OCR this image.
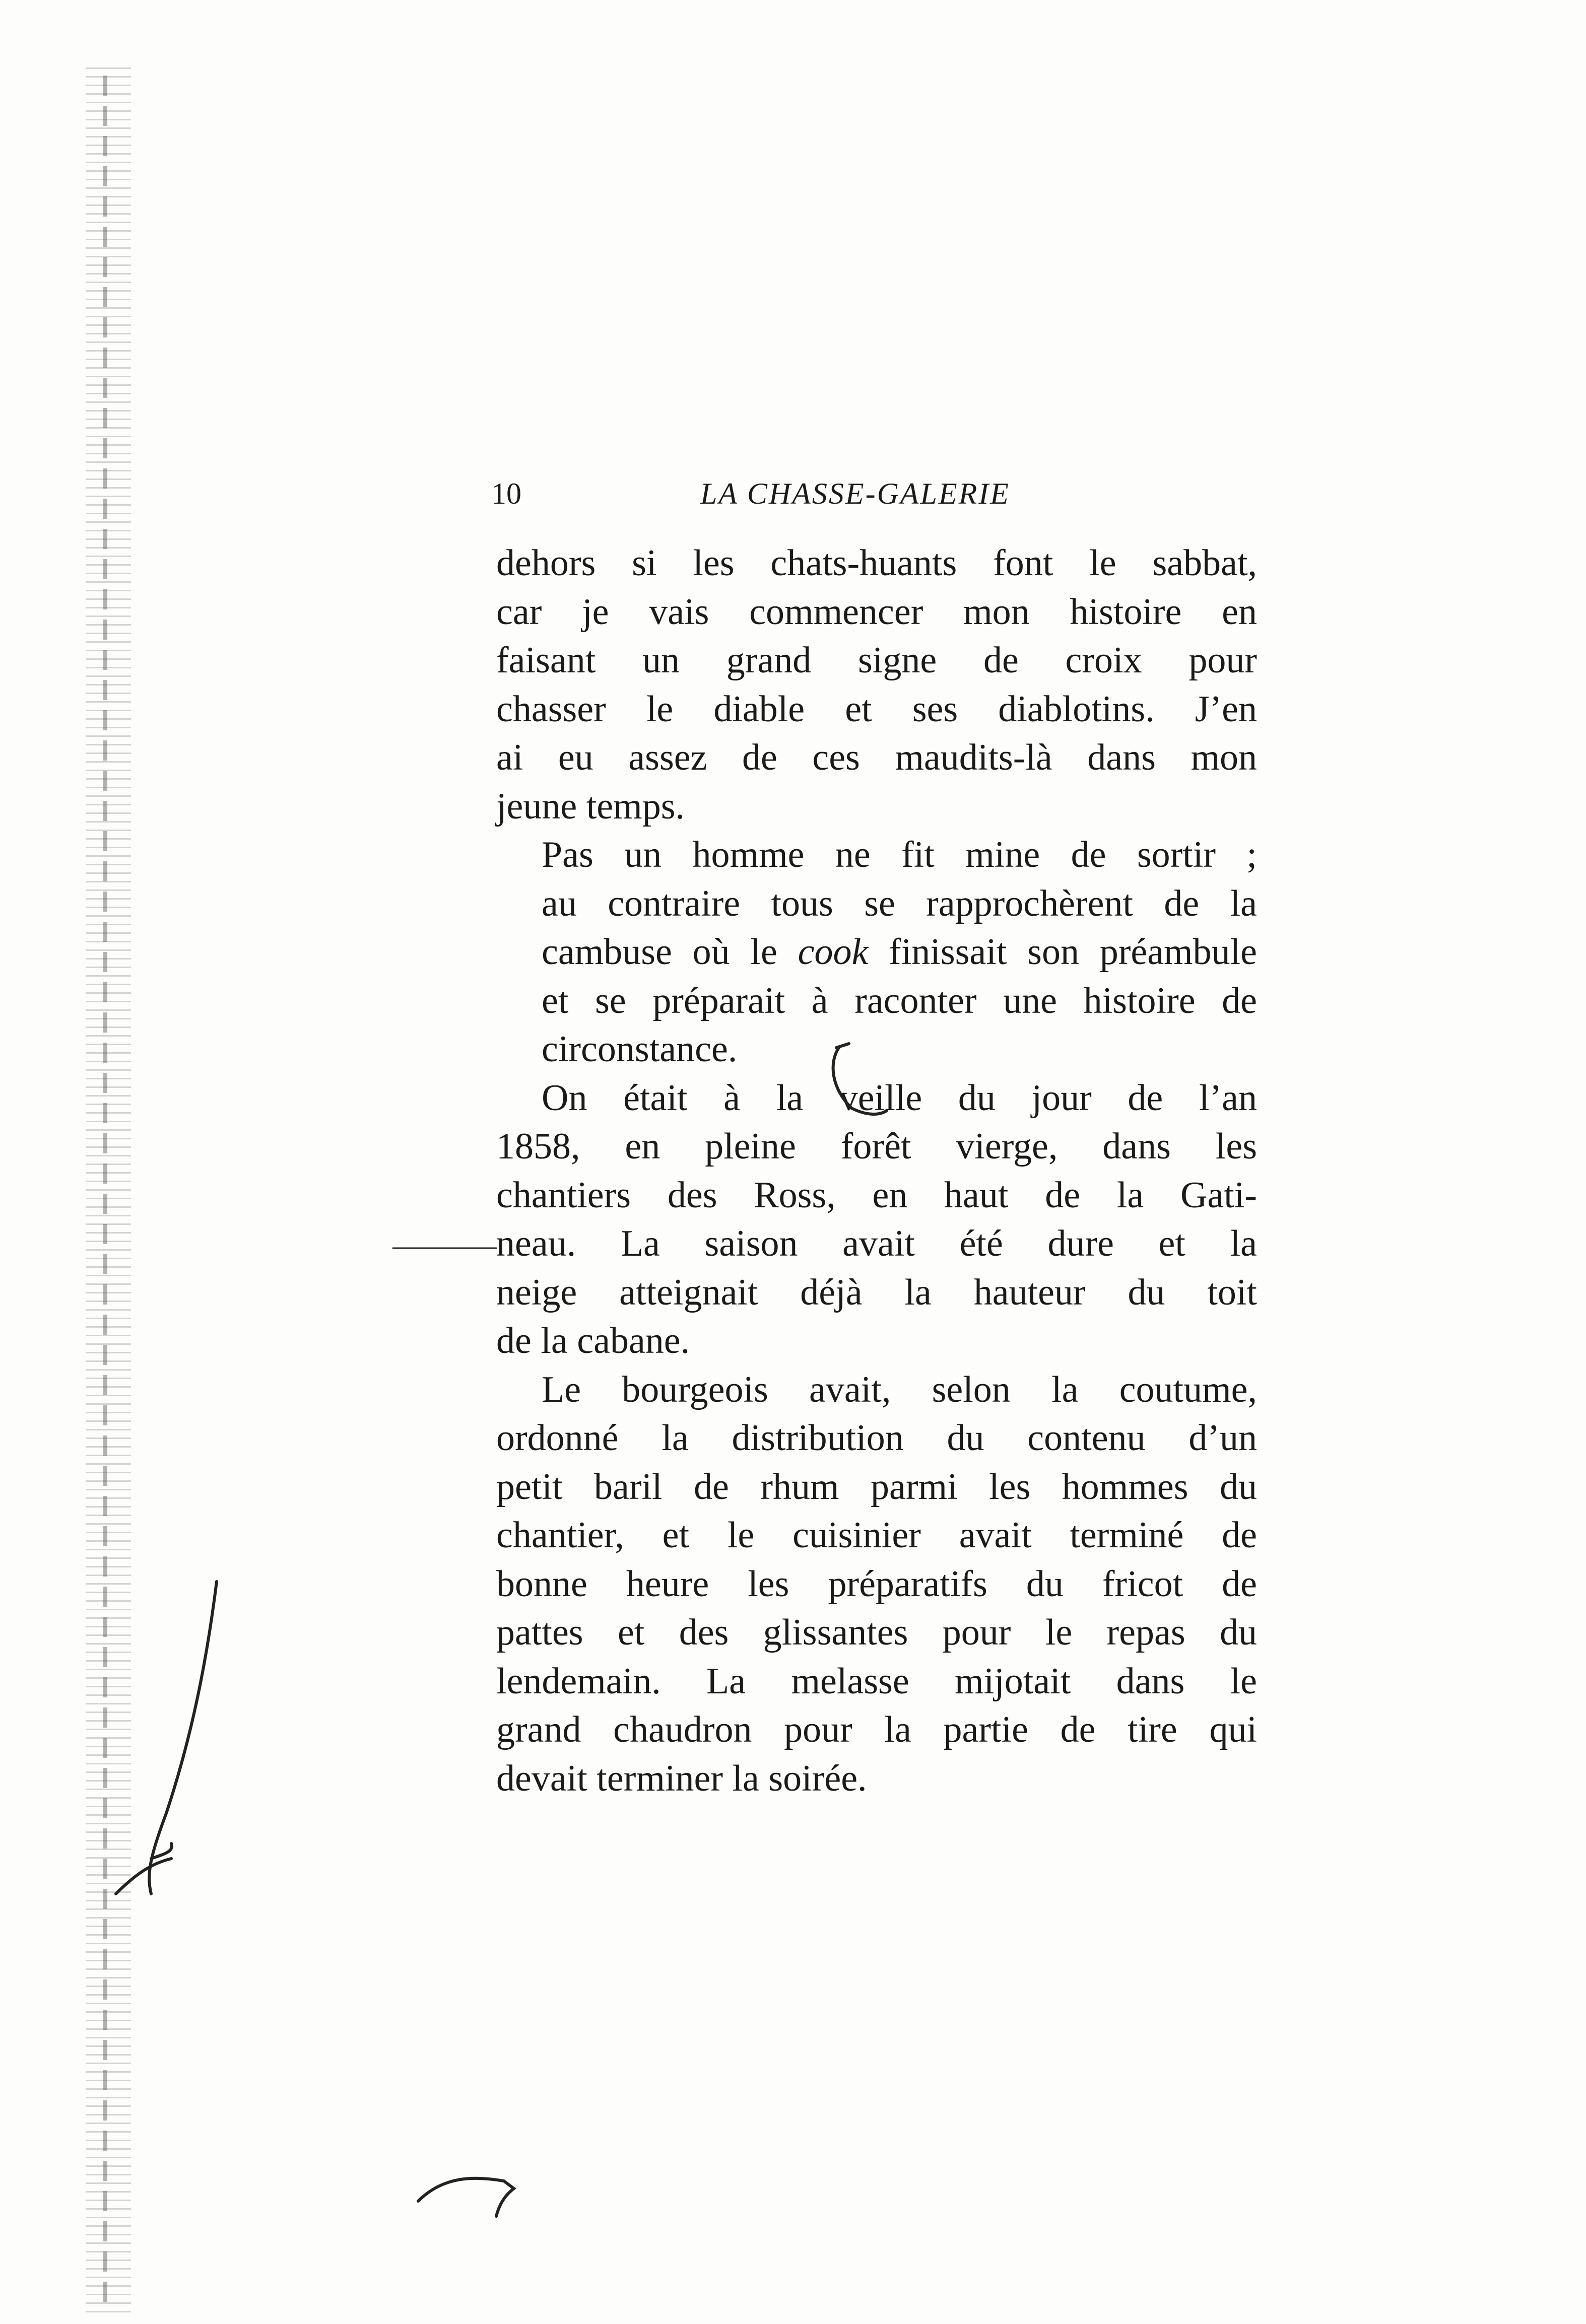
10	LA CHASSE-GALERIE

dehors si les chats-huants font le sabbat,
car je vais commencer mon histoire en
faisant un grand signe de croix pour
chasser le diable et ses diablotins. J’en
ai eu assez de ces maudits-là dans mon
jeune temps.

Pas un homme ne fit mine de sortir ;
au contraire tous se rapprochèrent de la
cambuse où le cook finissait son préambule
et se préparait à raconter une histoire de
circonstance.

On était à la veille du jour de l’an
1858, en pleine forêt vierge, dans les
chantiers des Ross, en haut de la Gati-
neau. La saison avait été dure et la
neige atteignait déjà la hauteur du toit
de la cabane.

Le bourgeois avait, selon la coutume,
ordonné la distribution du contenu d’un
petit baril de rhum parmi les hommes du
chantier, et le cuisinier avait terminé de
bonne heure les préparatifs du fricot de
pattes et des glissantes pour le repas du
lendemain. La melasse mijotait dans le
grand chaudron pour la partie de tire qui
devait terminer la soirée.
